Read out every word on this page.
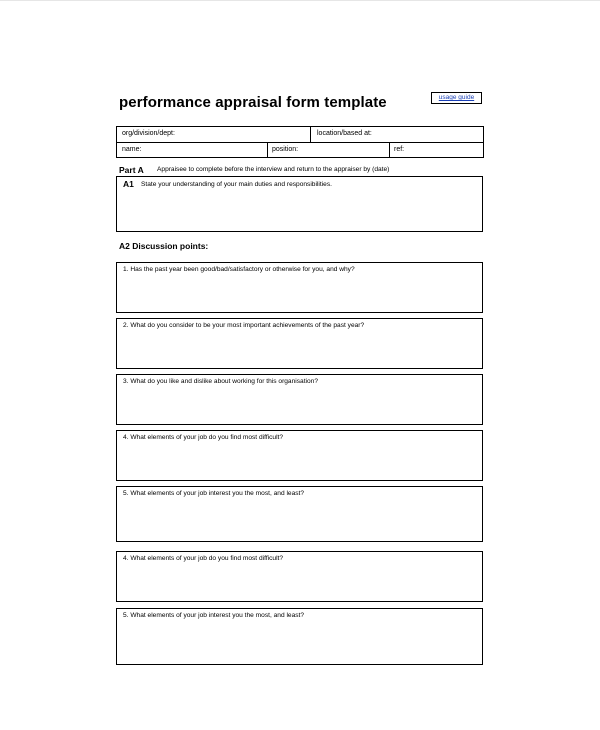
performance appraisal form template	usage guide
org/division/dept:	location/based at:
name:	position:	ref:
Part A Appraisee to complete before the interview and return to the appraiser by (date)
A1 State your understanding of your main duties and responsibilities.
A2 Discussion points:
1. Has the past year been good/bad/satisfactory or otherwise for you, and why?
2. What do you consider to be your most important achievements of the past year?
3. What do you like and dislike about working for this organisation?
4. What elements of your job do you find most difficult?
5. What elements of your job interest you the most, and least?
4. What elements of your job do you find most difficult?
5. What elements of your job interest you the most, and least?
